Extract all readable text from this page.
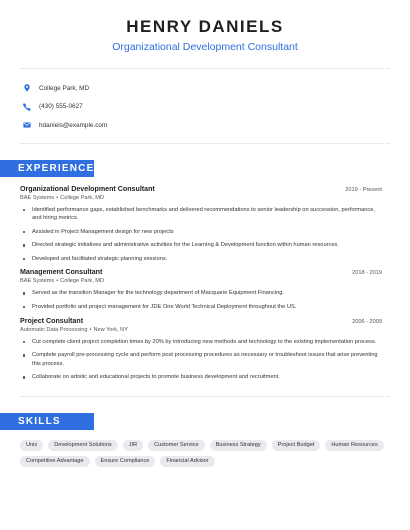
HENRY DANIELS
Organizational Development Consultant
College Park, MD
(430) 555-0627
hdaniels@example.com
EXPERIENCE
Organizational Development Consultant	2019 - Present
BAE Systems • College Park, MD
Identified performance gaps, established benchmarks and delivered recommendations to senior leadership on succession, performance, and hiring metrics.
Assisted in Project Management design for new projects
Directed strategic initiatives and administrative activities for the Learning & Development function within human resources.
Developed and facilitated strategic planning sessions.
Management Consultant	2018 - 2019
BAE Systems • College Park, MD
Served as the transition Manager for the technology department of Macquarie Equipment Financing.
Provided portfolio and project management for JDE One World Technical Deployment throughout the US.
Project Consultant	2006 - 2009
Automatic Data Processing • New York, NY
Cut complete client project completion times by 20% by introducing new methods and technology to the existing implementation process.
Complete payroll pre-processing cycle and perform post processing procedures as necessary or troubleshoot issues that arise preventing this process.
Collaborate on artistic and educational projects to promote business development and recruitment.
SKILLS
Unix	Development Solutions	JIR	Customer Service	Business Strategy	Project Budget	Human Resources
Competitive Advantage	Ensure Compliance	Financial Advisor
